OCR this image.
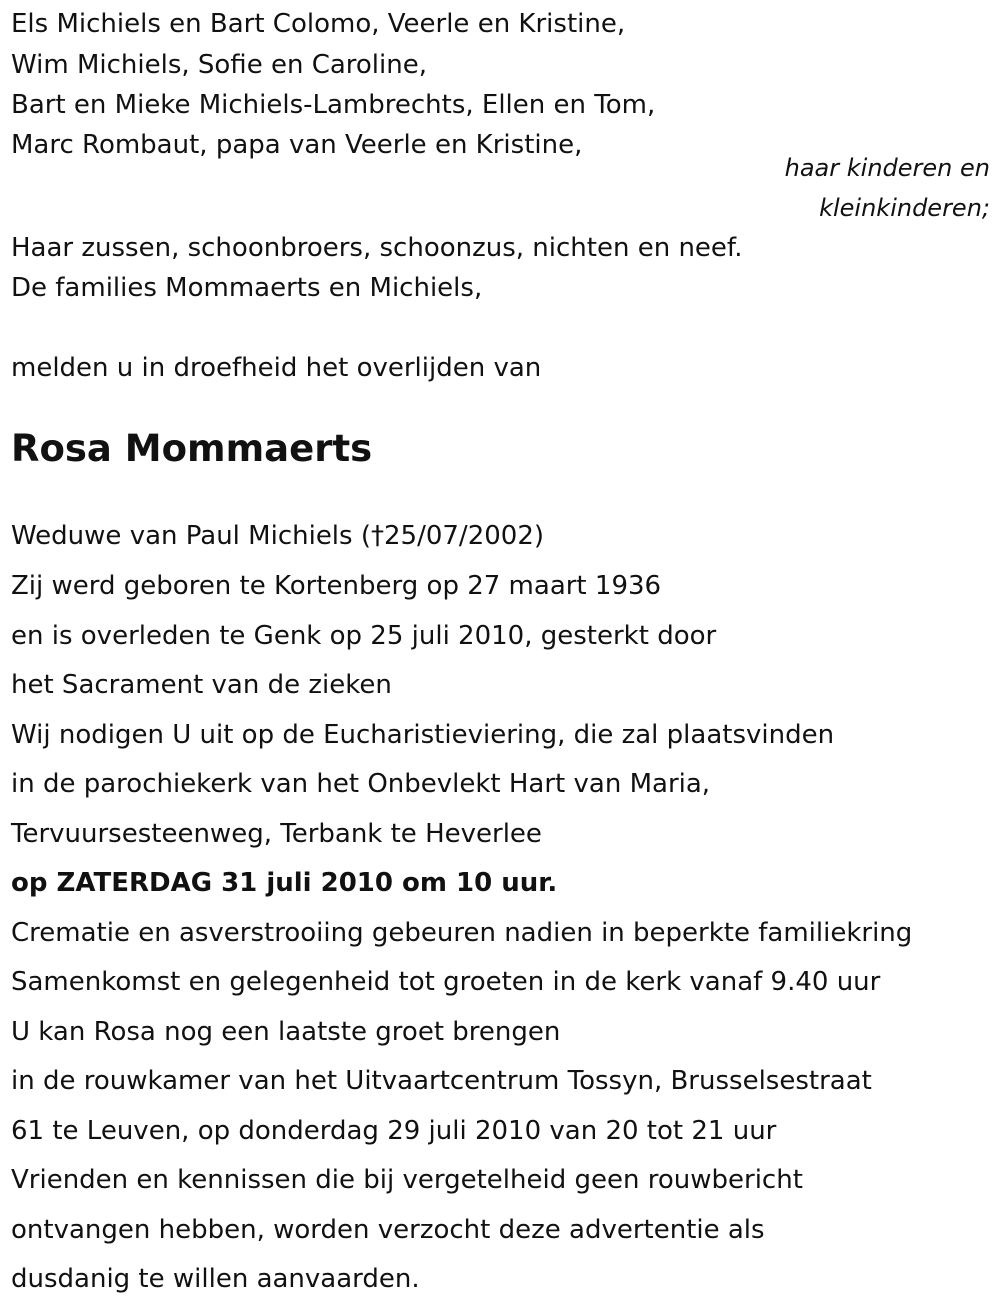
Els Michiels en Bart Colomo, Veerle en Kristine,
Wim Michiels, Sofie en Caroline,
Bart en Mieke Michiels-Lambrechts, Ellen en Tom,
Marc Rombaut, papa van Veerle en Kristine,
haar kinderen en
kleinkinderen;
Haar zussen, schoonbroers, schoonzus, nichten en neef.
De families Mommaerts en Michiels,
melden u in droefheid het overlijden van
Rosa Mommaerts
Weduwe van Paul Michiels (†25/07/2002)
Zij werd geboren te Kortenberg op 27 maart 1936
en is overleden te Genk op 25 juli 2010, gesterkt door
het Sacrament van de zieken
Wij nodigen U uit op de Eucharistieviering, die zal plaatsvinden
in de parochiekerk van het Onbevlekt Hart van Maria,
Tervuursesteenweg, Terbank te Heverlee
op ZATERDAG 31 juli 2010 om 10 uur.
Crematie en asverstrooiing gebeuren nadien in beperkte familiekring
Samenkomst en gelegenheid tot groeten in de kerk vanaf 9.40 uur
U kan Rosa nog een laatste groet brengen
in de rouwkamer van het Uitvaartcentrum Tossyn, Brusselsestraat
61 te Leuven, op donderdag 29 juli 2010 van 20 tot 21 uur
Vrienden en kennissen die bij vergetelheid geen rouwbericht
ontvangen hebben, worden verzocht deze advertentie als
dusdanig te willen aanvaarden.
